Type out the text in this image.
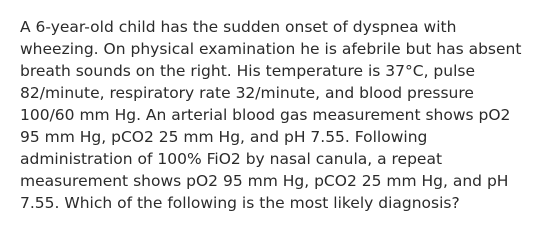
A 6-year-old child has the sudden onset of dyspnea with
wheezing. On physical examination he is afebrile but has absent
breath sounds on the right. His temperature is 37°C, pulse
82/minute, respiratory rate 32/minute, and blood pressure
100/60 mm Hg. An arterial blood gas measurement shows pO2
95 mm Hg, pCO2 25 mm Hg, and pH 7.55. Following
administration of 100% FiO2 by nasal canula, a repeat
measurement shows pO2 95 mm Hg, pCO2 25 mm Hg, and pH
7.55. Which of the following is the most likely diagnosis?
